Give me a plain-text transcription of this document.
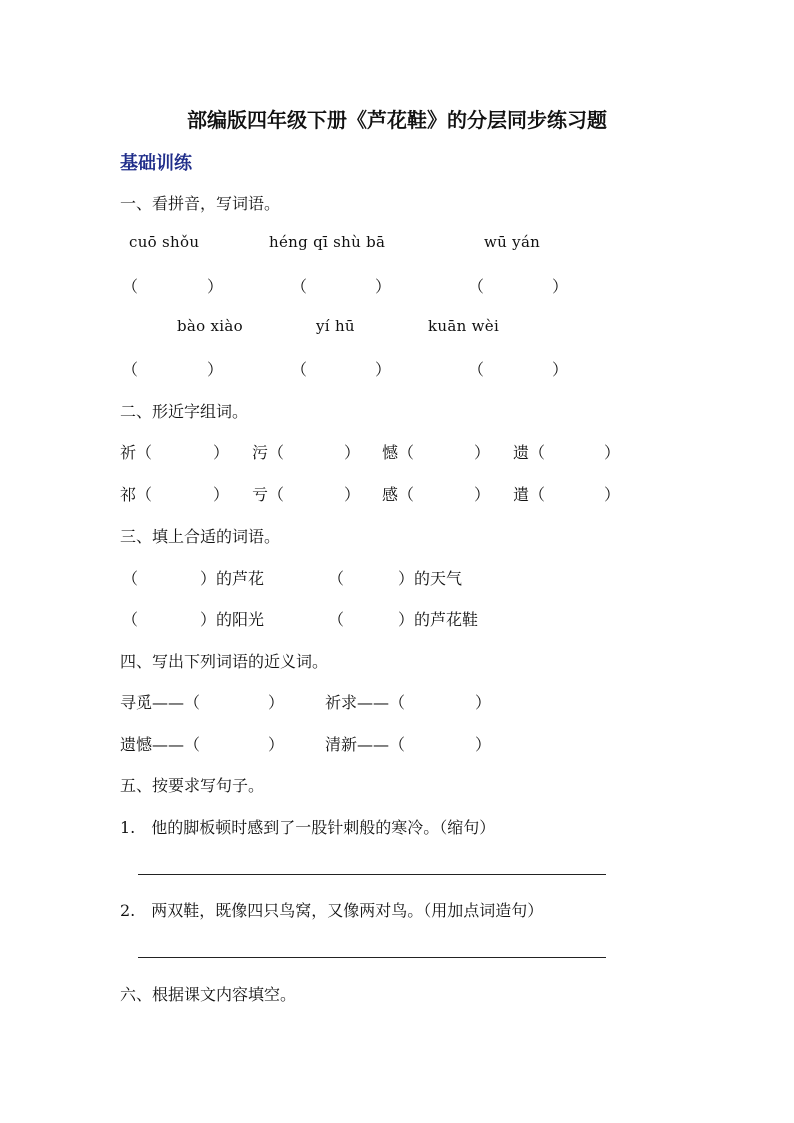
部编版四年级下册《芦花鞋》的分层同步练习题
基础训练
一、看拼音，写词语。
cuō shǒu	héng qī shù bā	wū yán
（	）	（	）	（	）
bào xiào	yí hū	kuān wèi
（	）	（	）	（	）
二、形近字组词。
祈（	） 污（	） 憾（	） 遗（	）
祁（	） 亏（	） 感（	） 遣（	）
三、填上合适的词语。
（	）的芦花	（	）的天气
（	）的阳光	（	）的芦花鞋
四、写出下列词语的近义词。
寻觅——（	）	祈求——（	）
遗憾——（	）	清新——（	）
五、按要求写句子。
1.　他的脚板顿时感到了一股针刺般的寒冷。（缩句）
2.　两双鞋，既像四只鸟窝，又像两对鸟。（用加点词造句）
六、根据课文内容填空。
